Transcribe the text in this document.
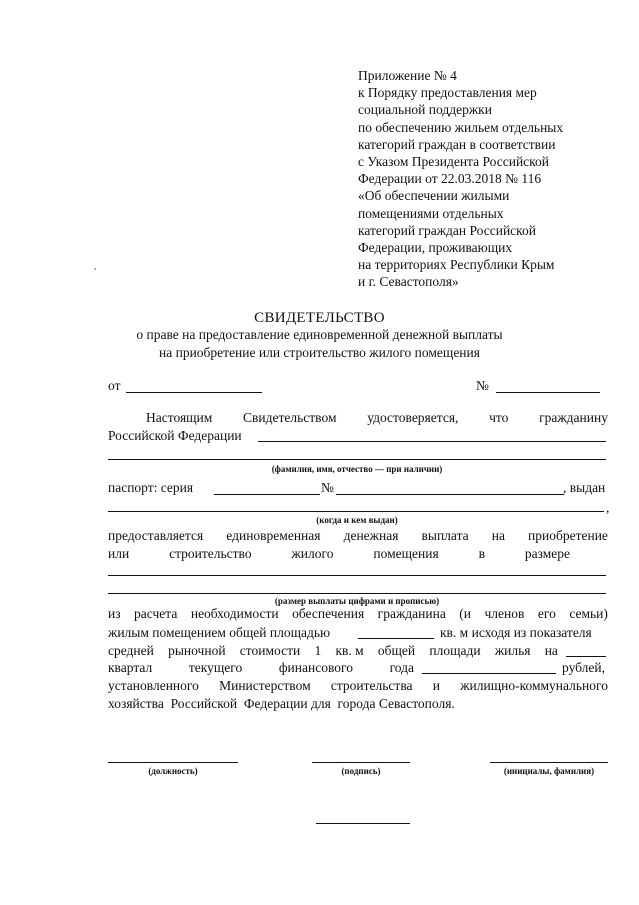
Приложение № 4
к Порядку предоставления мер
социальной поддержки
по обеспечению жильем отдельных
категорий граждан в соответствии
с Указом Президента Российской
Федерации от 22.03.2018 № 116
«Об обеспечении жилыми
помещениями отдельных
категорий граждан Российской
Федерации, проживающих
на территориях Республики Крым
и г. Севастополя»
СВИДЕТЕЛЬСТВО
о праве на предоставление единовременной денежной выплаты
на приобретение или строительство жилого помещения
от	№
Настоящим Свидетельством удостоверяется, что гражданину
Российской Федерации
(фамилия, имя, отчество — при наличии)
паспорт: серия	№	, выдан
,
(когда и кем выдан)
предоставляется единовременная денежная выплата на приобретение
или	строительство	жилого	помещения	в	размере
(размер выплаты цифрами и прописью)
из расчета необходимости обеспечения гражданина (и членов его семьи)
жилым помещением общей площадью	кв. м исходя из показателя
средней рыночной стоимости 1 кв. м общей площади жилья на
квартал	текущего	финансового	года	рублей,
установленного Министерством строительства и жилищно-коммунального
хозяйства  Российской  Федерации для  города Севастополя.
(должность)	(подпись)	(инициалы, фамилия)
